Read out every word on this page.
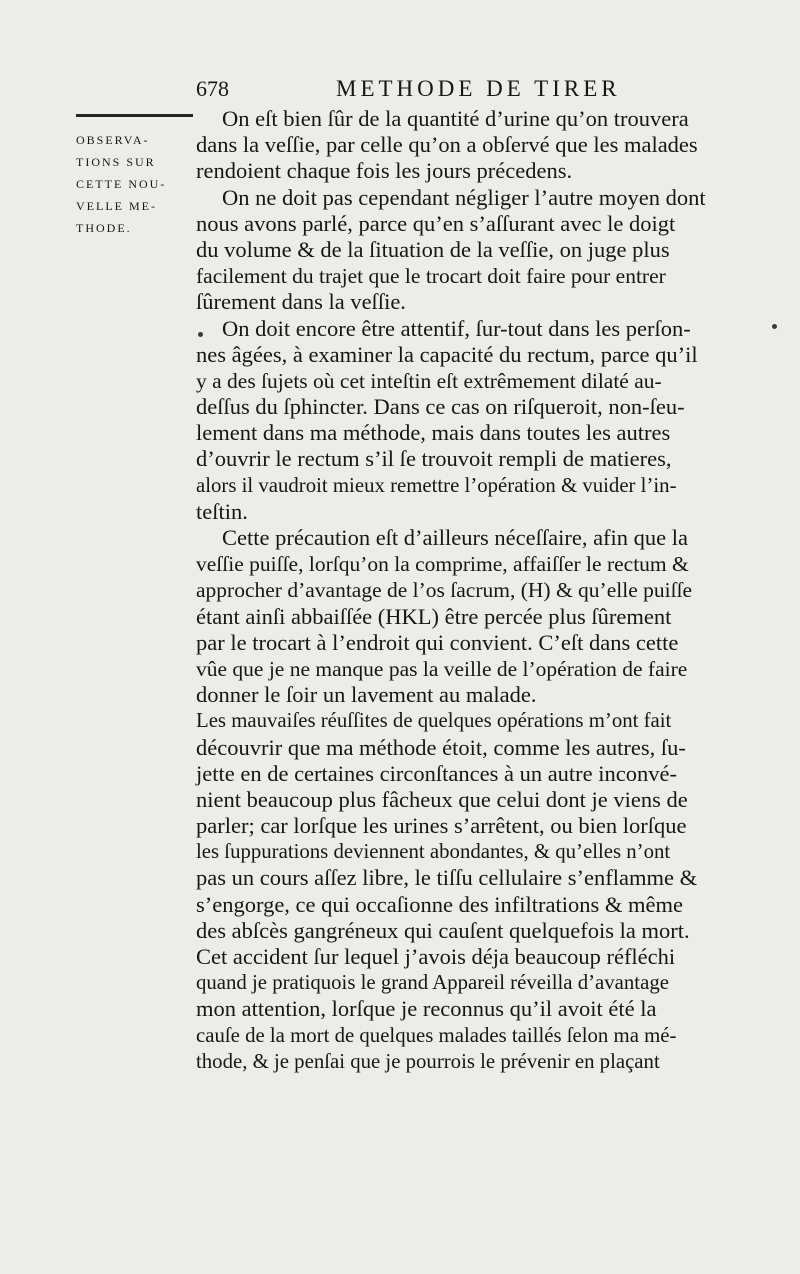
678	METHODE DE TIRER
OBSERVA-
TIONS SUR
CETTE NOU-
VELLE ME-
THODE.
On eſt bien ſûr de la quantité d’urine qu’on trouvera
dans la veſſie, par celle qu’on a obſervé que les malades
rendoient chaque fois les jours précedens.
On ne doit pas cependant négliger l’autre moyen dont
nous avons parlé, parce qu’en s’aſſurant avec le doigt
du volume & de la ſituation de la veſſie, on juge plus
facilement du trajet que le trocart doit faire pour entrer
ſûrement dans la veſſie.
On doit encore être attentif, ſur-tout dans les perſon-
nes âgées, à examiner la capacité du rectum, parce qu’il
y a des ſujets où cet inteſtin eſt extrêmement dilaté au-
deſſus du ſphincter. Dans ce cas on riſqueroit, non-ſeu-
lement dans ma méthode, mais dans toutes les autres
d’ouvrir le rectum s’il ſe trouvoit rempli de matieres,
alors il vaudroit mieux remettre l’opération & vuider l’in-
teſtin.
Cette précaution eſt d’ailleurs néceſſaire, afin que la
veſſie puiſſe, lorſqu’on la comprime, affaiſſer le rectum &
approcher d’avantage de l’os ſacrum, (H) & qu’elle puiſſe
étant ainſi abbaiſſée (HKL) être percée plus ſûrement
par le trocart à l’endroit qui convient. C’eſt dans cette
vûe que je ne manque pas la veille de l’opération de faire
donner le ſoir un lavement au malade.
Les mauvaiſes réuſſites de quelques opérations m’ont fait
découvrir que ma méthode étoit, comme les autres, ſu-
jette en de certaines circonſtances à un autre inconvé-
nient beaucoup plus fâcheux que celui dont je viens de
parler; car lorſque les urines s’arrêtent, ou bien lorſque
les ſuppurations deviennent abondantes, & qu’elles n’ont
pas un cours aſſez libre, le tiſſu cellulaire s’enflamme &
s’engorge, ce qui occaſionne des infiltrations & même
des abſcès gangréneux qui cauſent quelquefois la mort.
Cet accident ſur lequel j’avois déja beaucoup réfléchi
quand je pratiquois le grand Appareil réveilla d’avantage
mon attention, lorſque je reconnus qu’il avoit été la
cauſe de la mort de quelques malades taillés ſelon ma mé-
thode, & je penſai que je pourrois le prévenir en plaçant
